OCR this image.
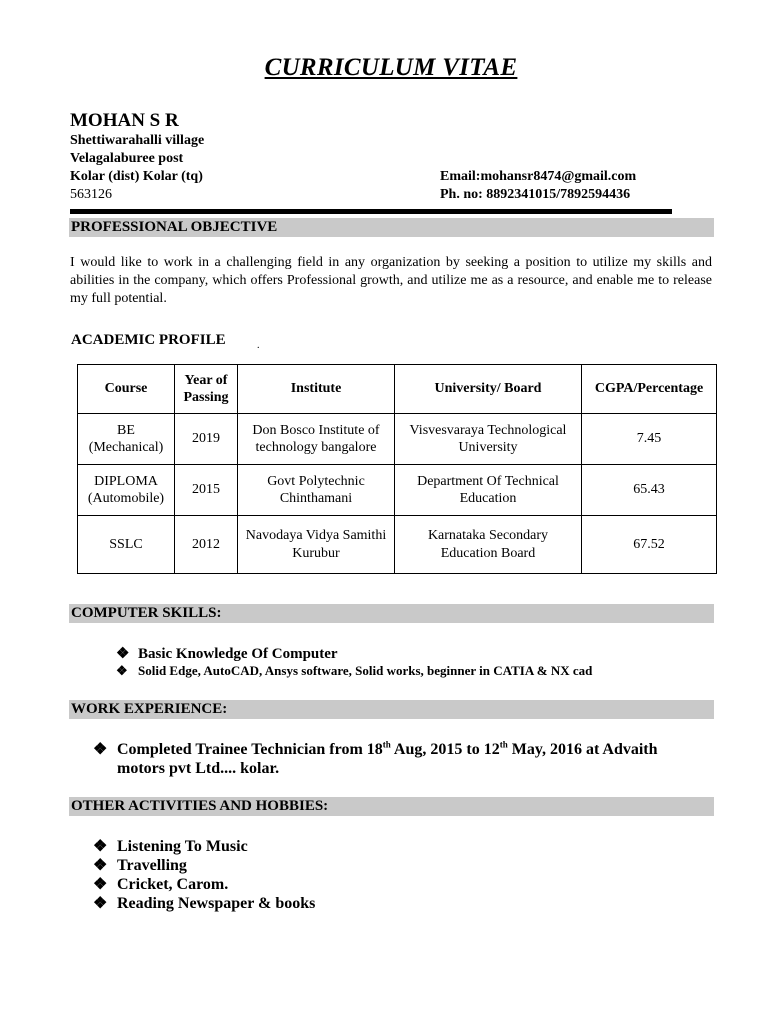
CURRICULUM VITAE
MOHAN S R
Shettiwarahalli village
Velagalaburee post
Kolar (dist) Kolar (tq)
563126
Email:mohansr8474@gmail.com
Ph. no: 8892341015/7892594436
PROFESSIONAL OBJECTIVE
I would like to work in a challenging field in any organization by seeking a position to utilize my skills and abilities in the company, which offers Professional growth, and utilize me as a resource, and enable me to release my full potential.
ACADEMIC PROFILE	.
Course	Year of Passing	Institute	University/ Board	CGPA/Percentage
BE (Mechanical)	2019	Don Bosco Institute of technology bangalore	Visvesvaraya Technological University	7.45
DIPLOMA (Automobile)	2015	Govt Polytechnic Chinthamani	Department Of Technical Education	65.43
SSLC	2012	Navodaya Vidya Samithi Kurubur	Karnataka Secondary Education Board	67.52
COMPUTER SKILLS:
❖ Basic Knowledge Of Computer
❖ Solid Edge, AutoCAD, Ansys software, Solid works, beginner in CATIA & NX cad
WORK EXPERIENCE:
❖ Completed Trainee Technician from 18th Aug, 2015 to 12th May, 2016 at Advaith
motors pvt Ltd.... kolar.
OTHER ACTIVITIES AND HOBBIES:
❖ Listening To Music
❖ Travelling
❖ Cricket, Carom.
❖ Reading Newspaper & books
